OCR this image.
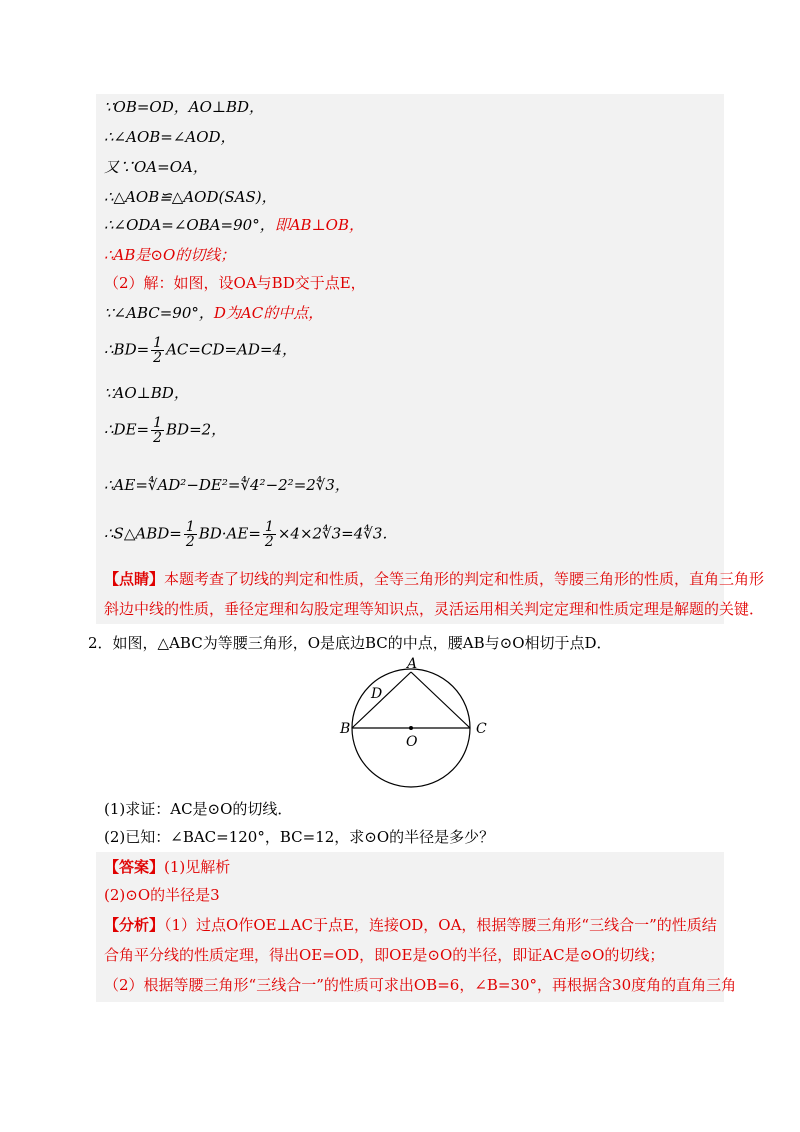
∵OB=OD，AO⊥BD，
∴∠AOB=∠AOD，
又∵OA=OA，
∴△AOB≌△AOD(SAS)，
∴∠ODA=∠OBA=90°，即AB⊥OB，
∴AB是⊙O的切线；
（2）解：如图，设OA与BD交于点E，
∵∠ABC=90°，D为AC的中点，
∴BD= $\frac{1}{2} AC=CD=AD=4$，
∵AO⊥BD，
∴DE= $\frac{1}{2} BD=2$，
∴AE=∜AD²−DE²=∜4²−2²=2∜3，
∴S△ABD= $\frac{1}{2} BD\cdot AE= \frac{1}{2}$ ×4×2∜3=4∜3．
【点睛】本题考查了切线的判定和性质，全等三角形的判定和性质，等腰三角形的性质，直角三角形
斜边中线的性质，垂径定理和勾股定理等知识点，灵活运用相关判定定理和性质定理是解题的关键．
2．如图，△ABC为等腰三角形，O是底边BC的中点，腰AB与⊙O相切于点D．
A
D
B	C
O
(1)求证：AC是⊙O的切线．
(2)已知：∠BAC=120°，BC=12，求⊙O的半径是多少？
【答案】(1)见解析
(2)⊙O的半径是3
【分析】（1）过点O作OE⊥AC于点E，连接OD，OA，根据等腰三角形“三线合一”的性质结
合角平分线的性质定理，得出OE=OD，即OE是⊙O的半径，即证AC是⊙O的切线；
（2）根据等腰三角形“三线合一”的性质可求出OB=6，∠B=30°，再根据含30度角的直角三角
